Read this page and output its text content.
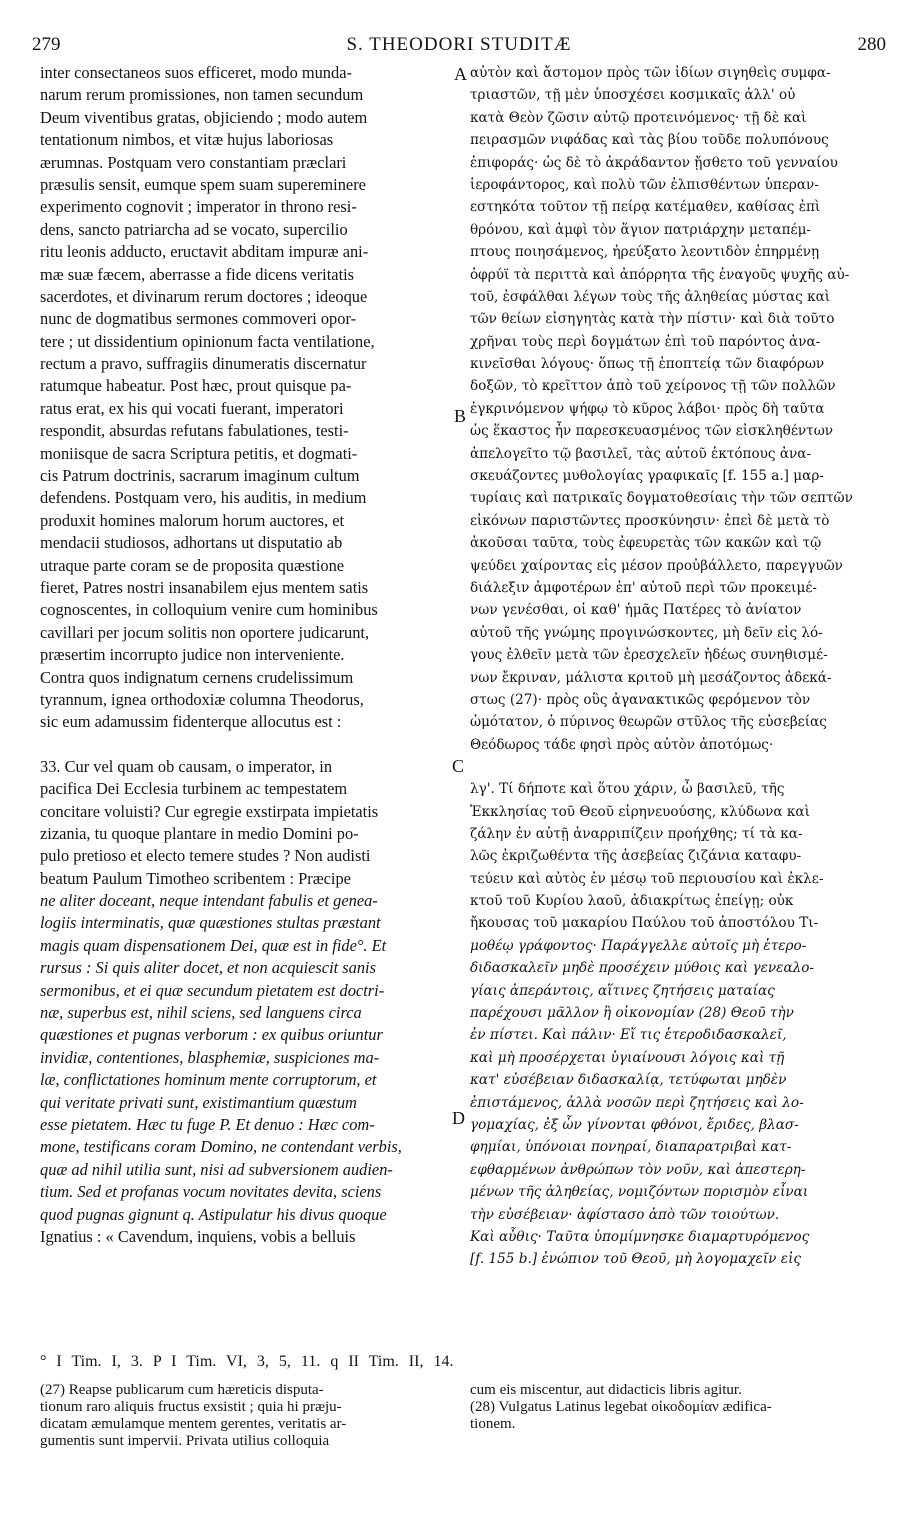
279	S. THEODORI STUDITÆ	280
inter consectaneos suos efficeret, modo munda-
narum rerum promissiones, non tamen secundum
Deum viventibus gratas, objiciendo ; modo autem
tentationum nimbos, et vitæ hujus laboriosas
ærumnas. Postquam vero constantiam præclari
præsulis sensit, eumque spem suam supereminere
experimento cognovit ; imperator in throno resi-
dens, sancto patriarcha ad se vocato, supercilio
ritu leonis adducto, eructavit abditam impuræ ani-
mæ suæ fæcem, aberrasse a fide dicens veritatis
sacerdotes, et divinarum rerum doctores ; ideoque
nunc de dogmatibus sermones commoveri opor-
tere ; ut dissidentium opinionum facta ventilatione,
rectum a pravo, suffragiis dinumeratis discernatur
ratumque habeatur. Post hæc, prout quisque pa-
ratus erat, ex his qui vocati fuerant, imperatori
respondit, absurdas refutans fabulationes, testi-
moniisque de sacra Scriptura petitis, et dogmati-
cis Patrum doctrinis, sacrarum imaginum cultum
defendens. Postquam vero, his auditis, in medium
produxit homines malorum horum auctores, et
mendacii studiosos, adhortans ut disputatio ab
utraque parte coram se de proposita quæstione
fieret, Patres nostri insanabilem ejus mentem satis
cognoscentes, in colloquium venire cum hominibus
cavillari per jocum solitis non oportere judicarunt,
præsertim incorrupto judice non interveniente.
Contra quos indignatum cernens crudelissimum
tyrannum, ignea orthodoxiæ columna Theodorus,
sic eum adamussim fidenterque allocutus est :
33. Cur vel quam ob causam, o imperator, in
pacifica Dei Ecclesia turbinem ac tempestatem
concitare voluisti? Cur egregie exstirpata impietatis
zizania, tu quoque plantare in medio Domini po-
pulo pretioso et electo temere studes ? Non audisti
beatum Paulum Timotheo scribentem : Præcipe
ne aliter doceant, neque intendant fabulis et genea-
logiis interminatis, quæ quæstiones stultas præstant
magis quam dispensationem Dei, quæ est in fide°. Et
rursus : Si quis aliter docet, et non acquiescit sanis
sermonibus, et ei quæ secundum pietatem est doctri-
næ, superbus est, nihil sciens, sed languens circa
quæstiones et pugnas verborum : ex quibus oriuntur
invidiæ, contentiones, blasphemiæ, suspiciones ma-
læ, conflictationes hominum mente corruptorum, et
qui veritate privati sunt, existimantium quæstum
esse pietatem. Hæc tu fuge P. Et denuo : Hæc com-
mone, testificans coram Domino, ne contendant verbis,
quæ ad nihil utilia sunt, nisi ad subversionem audien-
tium. Sed et profanas vocum novitates devita, sciens
quod pugnas gignunt q. Astipulatur his divus quoque
Ignatius : « Cavendum, inquiens, vobis a belluis
A
B
C
D
αὐτὸν καὶ ἄστομον πρὸς τῶν ἰδίων σιγηθεὶς συμφα-
τριαστῶν, τῇ μὲν ὑποσχέσει κοσμικαῖς ἀλλ' οὐ
κατὰ Θεὸν ζῶσιν αὐτῷ προτεινόμενος· τῇ δὲ καὶ
πειρασμῶν νιφάδας καὶ τὰς βίου τοῦδε πολυπόνους
ἐπιφοράς· ὡς δὲ τὸ ἀκράδαντον ᾔσθετο τοῦ γενναίου
ἱεροφάντορος, καὶ πολὺ τῶν ἐλπισθέντων ὑπεραν-
εστηκότα τοῦτον τῇ πείρᾳ κατέμαθεν, καθίσας ἐπὶ
θρόνου, καὶ ἀμφὶ τὸν ἅγιον πατριάρχην μεταπέμ-
πτους ποιησάμενος, ἠρεύξατο λεοντιδὸν ἐπηρμένῃ
ὀφρύϊ τὰ περιττὰ καὶ ἀπόρρητα τῆς ἐναγοῦς ψυχῆς αὐ-
τοῦ, ἐσφάλθαι λέγων τοὺς τῆς ἀληθείας μύστας καὶ
τῶν θείων εἰσηγητὰς κατὰ τὴν πίστιν· καὶ διὰ τοῦτο
χρῆναι τοὺς περὶ δογμάτων ἐπὶ τοῦ παρόντος ἀνα-
κινεῖσθαι λόγους· ὅπως τῇ ἐποπτείᾳ τῶν διαφόρων
δοξῶν, τὸ κρεῖττον ἀπὸ τοῦ χείρονος τῇ τῶν πολλῶν
ἐγκρινόμενον ψήφῳ τὸ κῦρος λάβοι· πρὸς δὴ ταῦτα
ὡς ἕκαστος ἦν παρεσκευασμένος τῶν εἰσκληθέντων
ἀπελογεῖτο τῷ βασιλεῖ, τὰς αὐτοῦ ἐκτόπους ἀνα-
σκευάζοντες μυθολογίας γραφικαῖς [f. 155 a.] μαρ-
τυρίαις καὶ πατρικαῖς δογματοθεσίαις τὴν τῶν σεπτῶν
εἰκόνων παριστῶντες προσκύνησιν· ἐπεὶ δὲ μετὰ τὸ
ἀκοῦσαι ταῦτα, τοὺς ἐφευρετὰς τῶν κακῶν καὶ τῷ
ψεύδει χαίροντας εἰς μέσον προὐβάλλετο, παρεγγυῶν
διάλεξιν ἀμφοτέρων ἐπ' αὐτοῦ περὶ τῶν προκειμέ-
νων γενέσθαι, οἱ καθ' ἡμᾶς Πατέρες τὸ ἀνίατον
αὐτοῦ τῆς γνώμης προγινώσκοντες, μὴ δεῖν εἰς λό-
γους ἐλθεῖν μετὰ τῶν ἐρεσχελεῖν ἡδέως συνηθισμέ-
νων ἔκριναν, μάλιστα κριτοῦ μὴ μεσάζοντος ἀδεκά-
στως (27)· πρὸς οὓς ἀγανακτικῶς φερόμενον τὸν
ὠμότατον, ὁ πύρινος θεωρῶν στῦλος τῆς εὐσεβείας
Θεόδωρος τάδε φησὶ πρὸς αὐτὸν ἀποτόμως·
λγ'. Τί δήποτε καὶ ὅτου χάριν, ὦ βασιλεῦ, τῆς
Ἐκκλησίας τοῦ Θεοῦ εἰρηνευούσης, κλύδωνα καὶ
ζάλην ἐν αὐτῇ ἀναρριπίζειν προήχθης; τί τὰ κα-
λῶς ἐκριζωθέντα τῆς ἀσεβείας ζιζάνια καταφυ-
τεύειν καὶ αὐτὸς ἐν μέσῳ τοῦ περιουσίου καὶ ἐκλε-
κτοῦ τοῦ Κυρίου λαοῦ, ἀδιακρίτως ἐπείγῃ; οὐκ
ἤκουσας τοῦ μακαρίου Παύλου τοῦ ἀποστόλου Τι-
μοθέῳ γράφοντος· Παράγγελλε αὐτοῖς μὴ ἑτερο-
διδασκαλεῖν μηδὲ προσέχειν μύθοις καὶ γενεαλο-
γίαις ἀπεράντοις, αἵτινες ζητήσεις ματαίας
παρέχουσι μᾶλλον ἢ οἰκονομίαν (28) Θεοῦ τὴν
ἐν πίστει. Καὶ πάλιν· Εἴ τις ἑτεροδιδασκαλεῖ,
καὶ μὴ προσέρχεται ὑγιαίνουσι λόγοις καὶ τῇ
κατ' εὐσέβειαν διδασκαλίᾳ, τετύφωται μηδὲν
ἐπιστάμενος, ἀλλὰ νοσῶν περὶ ζητήσεις καὶ λο-
γομαχίας, ἐξ ὧν γίνονται φθόνοι, ἔριδες, βλασ-
φημίαι, ὑπόνοιαι πονηραί, διαπαρατριβαὶ κατ-
εφθαρμένων ἀνθρώπων τὸν νοῦν, καὶ ἀπεστερη-
μένων τῆς ἀληθείας, νομιζόντων πορισμὸν εἶναι
τὴν εὐσέβειαν· ἀφίστασο ἀπὸ τῶν τοιούτων.
Καὶ αὖθις· Ταῦτα ὑπομίμνησκε διαμαρτυρόμενος
[f. 155 b.] ἐνώπιον τοῦ Θεοῦ, μὴ λογομαχεῖν εἰς
° I Tim. I, 3. P I Tim. VI, 3, 5, 11. q II Tim. II, 14.
(27) Reapse publicarum cum hæreticis disputa-
tionum raro aliquis fructus exsistit ; quia hi præju-
dicatam æmulamque mentem gerentes, veritatis ar-
gumentis sunt impervii. Privata utilius colloquia
cum eis miscentur, aut didacticis libris agitur.
(28) Vulgatus Latinus legebat οἰκοδομίαν ædifica-
tionem.
